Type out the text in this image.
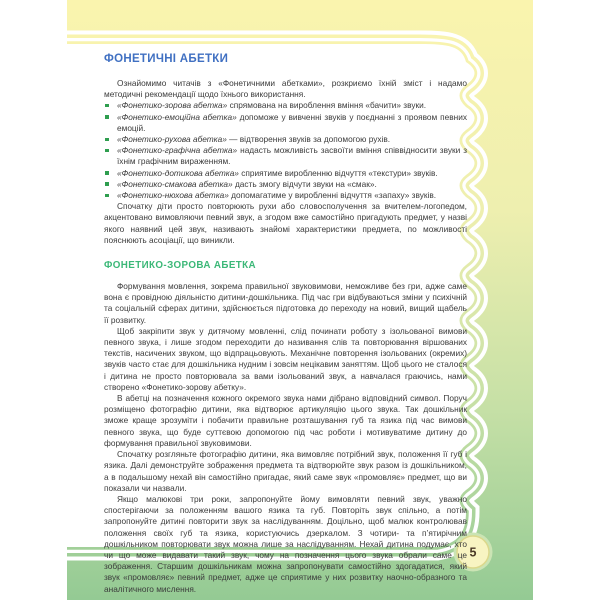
5
ФОНЕТИЧНІ АБЕТКИ

Ознайомимо читачів з «Фонетичними абетками», розкриємо їхній зміст і надамо методичні рекомендації щодо їхнього використання.

«Фонетико-зорова абетка» спрямована на вироблення вміння «бачити» звуки.
«Фонетико-емоційна абетка» допоможе у вивченні звуків у поєднанні з проявом певних емоцій.
«Фонетико-рухова абетка» — відтворення звуків за допомогою рухів.
«Фонетико-графічна абетка» надасть можливість засвоїти вміння співвідносити звуки з їхнім графічним вираженням.
«Фонетико-дотикова абетка» сприятиме виробленню відчуття «текстури» звуків.
«Фонетико-смакова абетка» дасть змогу відчути звуки на «смак».
«Фонетико-нюхова абетка» допомагатиме у виробленні відчуття «запаху» звуків.

Спочатку діти просто повторюють рухи або словосполучення за вчителем-логопедом, акцентовано вимовляючи певний звук, а згодом вже самостійно пригадують предмет, у назві якого наявний цей звук, називають знайомі характеристики предмета, по можливості пояснюють асоціації, що виникли.

ФОНЕТИКО-ЗОРОВА АБЕТКА

Формування мовлення, зокрема правильної звуковимови, неможливе без гри, адже саме вона є провідною діяльністю дитини-дошкільника. Під час гри відбуваються зміни у психічній та соціальній сферах дитини, здійснюється підготовка до переходу на новий, вищий щабель її розвитку.

Щоб закріпити звук у дитячому мовленні, слід починати роботу з ізольованої вимови певного звука, і лише згодом переходити до називання слів та повторювання віршованих текстів, насичених звуком, що відпрацьовують. Механічне повторення ізольованих (окремих) звуків часто стає для дошкільника нудним і зовсім нецікавим заняттям. Щоб цього не сталося і дитина не просто повторювала за вами ізольований звук, а навчалася граючись, нами створено «Фонетико-зорову абетку».

В абетці на позначення кожного окремого звука нами дібрано відповідний символ. Поруч розміщено фотографію дитини, яка відтворює артикуляцію цього звука. Так дошкільник зможе краще зрозуміти і побачити правильне розташування губ та язика під час вимови певного звука, що буде суттєвою допомогою під час роботи і мотивуватиме дитину до формування правильної звуковимови.

Спочатку розгляньте фотографію дитини, яка вимовляє потрібний звук, положення її губ і язика. Далі демонструйте зображення предмета та відтворюйте звук разом із дошкільником, а в подальшому нехай він самостійно пригадає, який саме звук «промовляє» предмет, що ви показали чи назвали.

Якщо малюкові три роки, запропонуйте йому вимовляти певний звук, уважно спостерігаючи за положенням вашого язика та губ. Повторіть звук спільно, а потім запропонуйте дитині повторити звук за наслідуванням. Доцільно, щоб малюк контролював положення своїх губ та язика, користуючись дзеркалом. З чотири- та п’ятирічним дошкільником повторювати звук можна лише за наслідуванням. Нехай дитина подумає, хто чи що може видавати такий звук, чому на позначення цього звука обрали саме це зображення. Старшим дошкільникам можна запропонувати самостійно здогадатися, який звук «промовляє» певний предмет, адже це сприятиме у них розвитку наочно-образного та аналітичного мислення.
